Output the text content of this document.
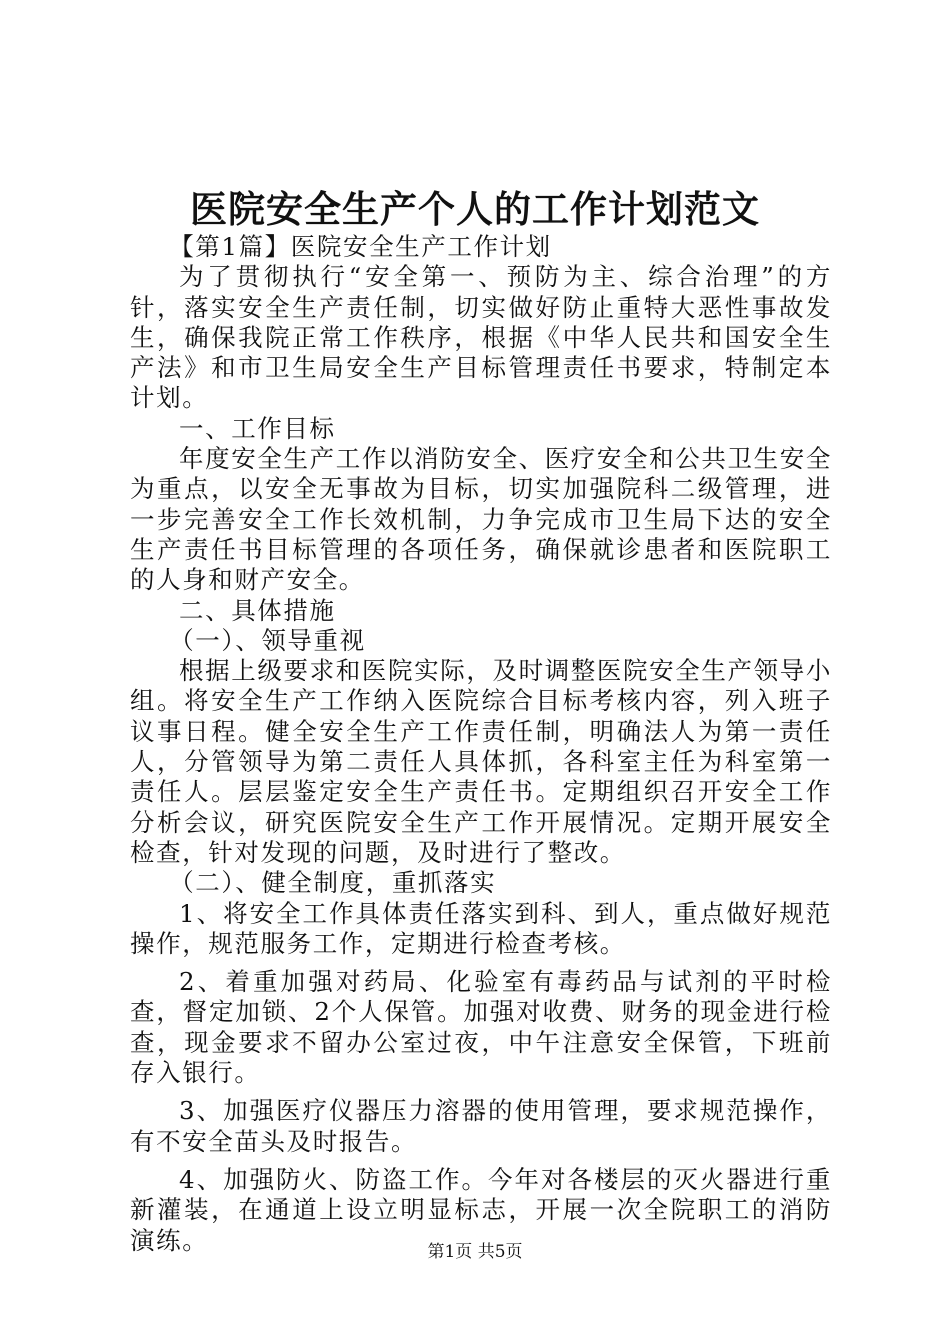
医院安全生产个人的工作计划范文

【第1篇】医院安全生产工作计划

为了贯彻执行“安全第一、预防为主、综合治理”的方针，落实安全生产责任制，切实做好防止重特大恶性事故发生，确保我院正常工作秩序，根据《中华人民共和国安全生产法》和市卫生局安全生产目标管理责任书要求，特制定本计划。

一、工作目标

年度安全生产工作以消防安全、医疗安全和公共卫生安全为重点，以安全无事故为目标，切实加强院科二级管理，进一步完善安全工作长效机制，力争完成市卫生局下达的安全生产责任书目标管理的各项任务，确保就诊患者和医院职工的人身和财产安全。

二、具体措施

（一）、领导重视

根据上级要求和医院实际，及时调整医院安全生产领导小组。将安全生产工作纳入医院综合目标考核内容，列入班子议事日程。健全安全生产工作责任制，明确法人为第一责任人，分管领导为第二责任人具体抓，各科室主任为科室第一责任人。层层鉴定安全生产责任书。定期组织召开安全工作分析会议，研究医院安全生产工作开展情况。定期开展安全检查，针对发现的问题，及时进行了整改。

（二）、健全制度，重抓落实

1、将安全工作具体责任落实到科、到人，重点做好规范操作，规范服务工作，定期进行检查考核。

2、着重加强对药局、化验室有毒药品与试剂的平时检查，督定加锁、2个人保管。加强对收费、财务的现金进行检查，现金要求不留办公室过夜，中午注意安全保管，下班前存入银行。

3、加强医疗仪器压力溶器的使用管理，要求规范操作，有不安全苗头及时报告。

4、加强防火、防盗工作。今年对各楼层的灭火器进行重新灌装，在通道上设立明显标志，开展一次全院职工的消防演练。	第1页 共5页
